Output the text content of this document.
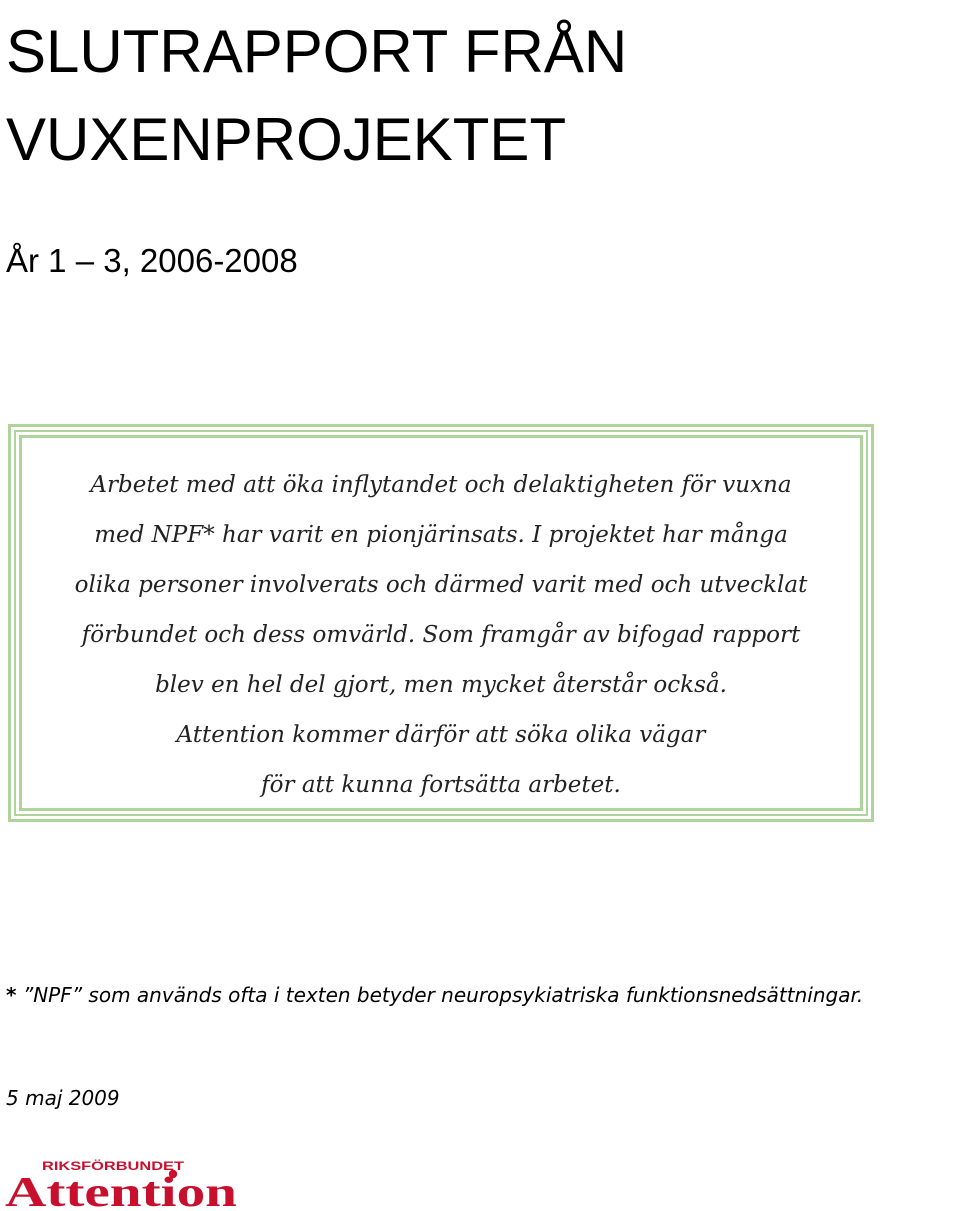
SLUTRAPPORT FRÅN
VUXENPROJEKTET
År 1 – 3, 2006-2008
Arbetet med att öka inflytandet och delaktigheten för vuxna
med NPF* har varit en pionjärinsats. I projektet har många
olika personer involverats och därmed varit med och utvecklat
förbundet och dess omvärld. Som framgår av bifogad rapport
blev en hel del gjort, men mycket återstår också.
Attention kommer därför att söka olika vägar
för att kunna fortsätta arbetet.
* ”NPF” som används ofta i texten betyder neuropsykiatriska funktionsnedsättningar.
5 maj 2009
RIKSFÖRBUNDET
Attention
